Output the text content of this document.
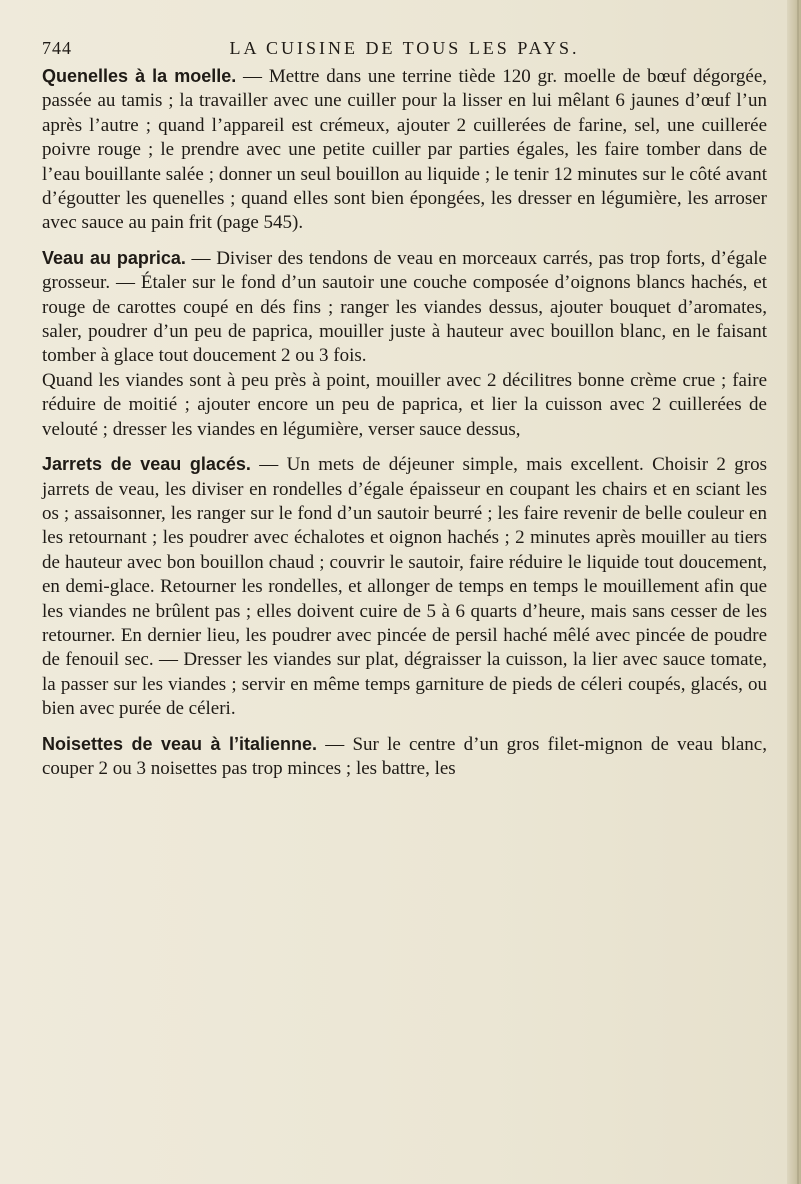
744	LA CUISINE DE TOUS LES PAYS.

Quenelles à la moelle. — Mettre dans une terrine tiède 120 gr. moelle de bœuf dégorgée, passée au tamis ; la travailler avec une cuiller pour la lisser en lui mêlant 6 jaunes d’œuf l’un après l’autre ; quand l’appareil est crémeux, ajouter 2 cuillerées de farine, sel, une cuillerée poivre rouge ; le prendre avec une petite cuiller par parties égales, les faire tomber dans de l’eau bouillante salée ; donner un seul bouillon au liquide ; le tenir 12 minutes sur le côté avant d’égoutter les quenelles ; quand elles sont bien épongées, les dresser en légumière, les arroser avec sauce au pain frit (page 545).

Veau au paprica. — Diviser des tendons de veau en morceaux carrés, pas trop forts, d’égale grosseur. — Étaler sur le fond d’un sautoir une couche composée d’oignons blancs hachés, et rouge de carottes coupé en dés fins ; ranger les viandes dessus, ajouter bouquet d’aromates, saler, poudrer d’un peu de paprica, mouiller juste à hauteur avec bouillon blanc, en le faisant tomber à glace tout doucement 2 ou 3 fois.

Quand les viandes sont à peu près à point, mouiller avec 2 décilitres bonne crème crue ; faire réduire de moitié ; ajouter encore un peu de paprica, et lier la cuisson avec 2 cuillerées de velouté ; dresser les viandes en légumière, verser sauce dessus,

Jarrets de veau glacés. — Un mets de déjeuner simple, mais excellent. Choisir 2 gros jarrets de veau, les diviser en rondelles d’égale épaisseur en coupant les chairs et en sciant les os ; assaisonner, les ranger sur le fond d’un sautoir beurré ; les faire revenir de belle couleur en les retournant ; les poudrer avec échalotes et oignon hachés ; 2 minutes après mouiller au tiers de hauteur avec bon bouillon chaud ; couvrir le sautoir, faire réduire le liquide tout doucement, en demi-glace. Retourner les rondelles, et allonger de temps en temps le mouillement afin que les viandes ne brûlent pas ; elles doivent cuire de 5 à 6 quarts d’heure, mais sans cesser de les retourner. En dernier lieu, les poudrer avec pincée de persil haché mêlé avec pincée de poudre de fenouil sec. — Dresser les viandes sur plat, dégraisser la cuisson, la lier avec sauce tomate, la passer sur les viandes ; servir en même temps garniture de pieds de céleri coupés, glacés, ou bien avec purée de céleri.

Noisettes de veau à l’italienne. — Sur le centre d’un gros filet-mignon de veau blanc, couper 2 ou 3 noisettes pas trop minces ; les battre, les
